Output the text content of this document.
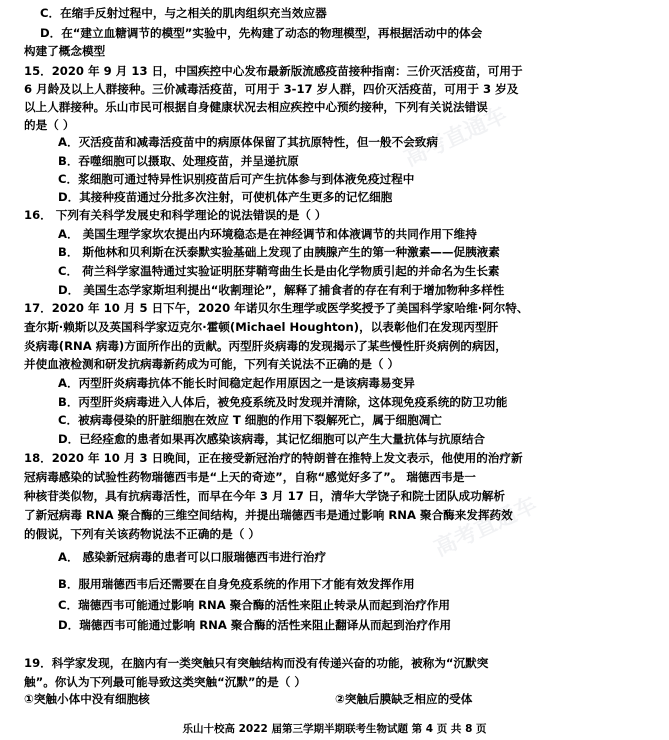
高考直通车
高考直通车
C．在缩手反射过程中，与之相关的肌肉组织充当效应器
D．在“建立血糖调节的模型”实验中，先构建了动态的物理模型，再根据活动中的体会
构建了概念模型
15．2020 年 9 月 13 日，中国疾控中心发布最新版流感疫苗接种指南：三价灭活疫苗，可用于
6 月龄及以上人群接种。三价减毒活疫苗，可用于 3-17 岁人群，四价灭活疫苗，可用于 3 岁及
以上人群接种。乐山市民可根据自身健康状况去相应疾控中心预约接种，下列有关说法错误
的是（ ）
A．灭活疫苗和减毒活疫苗中的病原体保留了其抗原特性，但一般不会致病
B．吞噬细胞可以摄取、处理疫苗，并呈递抗原
C．浆细胞可通过特异性识别疫苗后可产生抗体参与到体液免疫过程中
D．其接种疫苗通过分批多次注射，可使机体产生更多的记忆细胞
16． 下列有关科学发展史和科学理论的说法错误的是（ ）
A． 美国生理学家坎农提出内环境稳态是在神经调节和体液调节的共同作用下维持
B． 斯他林和贝利斯在沃泰默实验基础上发现了由胰腺产生的第一种激素——促胰液素
C． 荷兰科学家温特通过实验证明胚芽鞘弯曲生长是由化学物质引起的并命名为生长素
D． 美国生态学家斯坦利提出“收割理论”，解释了捕食者的存在有利于增加物种多样性
17．2020 年 10 月 5 日下午，2020 年诺贝尔生理学或医学奖授予了美国科学家哈维·阿尔特、
查尔斯·赖斯以及英国科学家迈克尔·霍顿(Michael Houghton)，以表彰他们在发现丙型肝
炎病毒(RNA 病毒)方面所作出的贡献。丙型肝炎病毒的发现揭示了某些慢性肝炎病例的病因，
并使血液检测和研发抗病毒新药成为可能，下列有关说法不正确的是（ ）
A．丙型肝炎病毒抗体不能长时间稳定起作用原因之一是该病毒易变异
B．丙型肝炎病毒进入人体后，被免疫系统及时发现并清除，这体现免疫系统的防卫功能
C．被病毒侵染的肝脏细胞在效应 T 细胞的作用下裂解死亡，属于细胞凋亡
D．已经痊愈的患者如果再次感染该病毒，其记忆细胞可以产生大量抗体与抗原结合
18．2020 年 10 月 3 日晚间，正在接受新冠治疗的特朗普在推特上发文表示，他使用的治疗新
冠病毒感染的试验性药物瑞德西韦是“上天的奇迹”，自称“感觉好多了”。 瑞德西韦是一
种核苷类似物，具有抗病毒活性，而早在今年 3 月 17 日，清华大学饶子和院士团队成功解析
了新冠病毒 RNA 聚合酶的三维空间结构，并提出瑞德西韦是通过影响 RNA 聚合酶来发挥药效
的假说，下列有关该药物说法不正确的是（ ）
A． 感染新冠病毒的患者可以口服瑞德西韦进行治疗
B．服用瑞德西韦后还需要在自身免疫系统的作用下才能有效发挥作用
C．瑞德西韦可能通过影响 RNA 聚合酶的活性来阻止转录从而起到治疗作用
D．瑞德西韦可能通过影响 RNA 聚合酶的活性来阻止翻译从而起到治疗作用
19．科学家发现，在脑内有一类突触只有突触结构而没有传递兴奋的功能，被称为“沉默突
触”。你认为下列最可能导致这类突触“沉默”的是（ ）
①突触小体中没有细胞核	②突触后膜缺乏相应的受体
乐山十校高 2022 届第三学期半期联考生物试题 第 4 页 共 8 页
